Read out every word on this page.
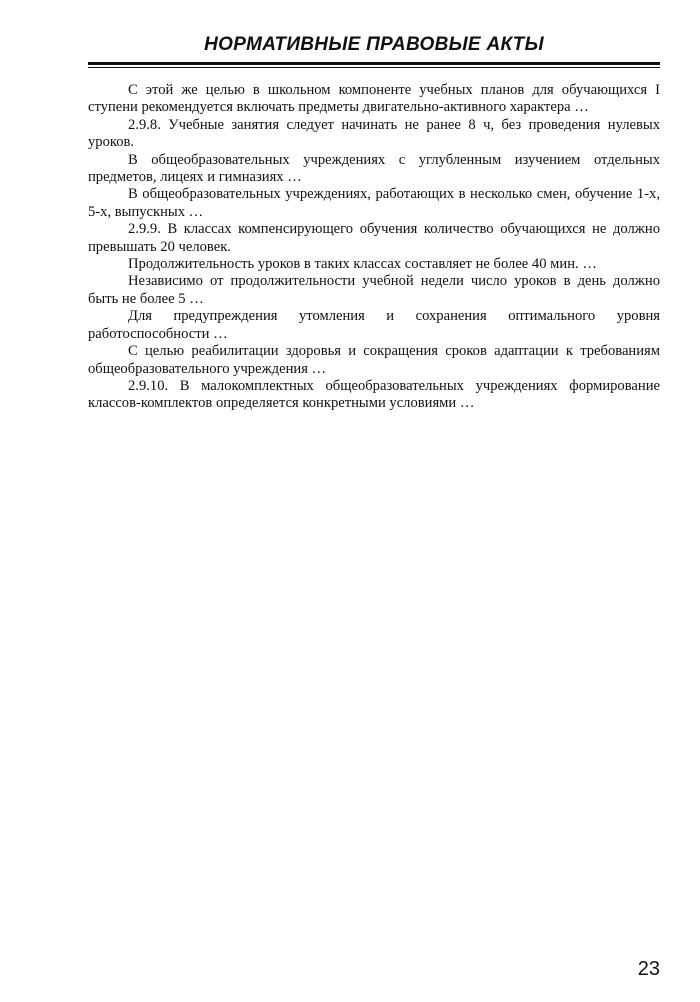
НОРМАТИВНЫЕ ПРАВОВЫЕ АКТЫ

С этой же целью в школьном компоненте учебных планов для обучающихся I ступени рекомендуется включать предметы двигательно-активного характера …

2.9.8. Учебные занятия следует начинать не ранее 8 ч, без проведения нулевых уроков.

В общеобразовательных учреждениях с углубленным изучением отдельных предметов, лицеях и гимназиях …

В общеобразовательных учреждениях, работающих в несколько смен, обучение 1-х, 5-х, выпускных …

2.9.9. В классах компенсирующего обучения количество обучающихся не должно превышать 20 человек.

Продолжительность уроков в таких классах составляет не более 40 мин. …

Независимо от продолжительности учебной недели число уроков в день должно быть не более 5 …

Для предупреждения утомления и сохранения оптимального уровня работоспособности …

С целью реабилитации здоровья и сокращения сроков адаптации к требованиям общеобразовательного учреждения …

2.9.10. В малокомплектных общеобразовательных учреждениях формирование классов-комплектов определяется конкретными условиями …

23
